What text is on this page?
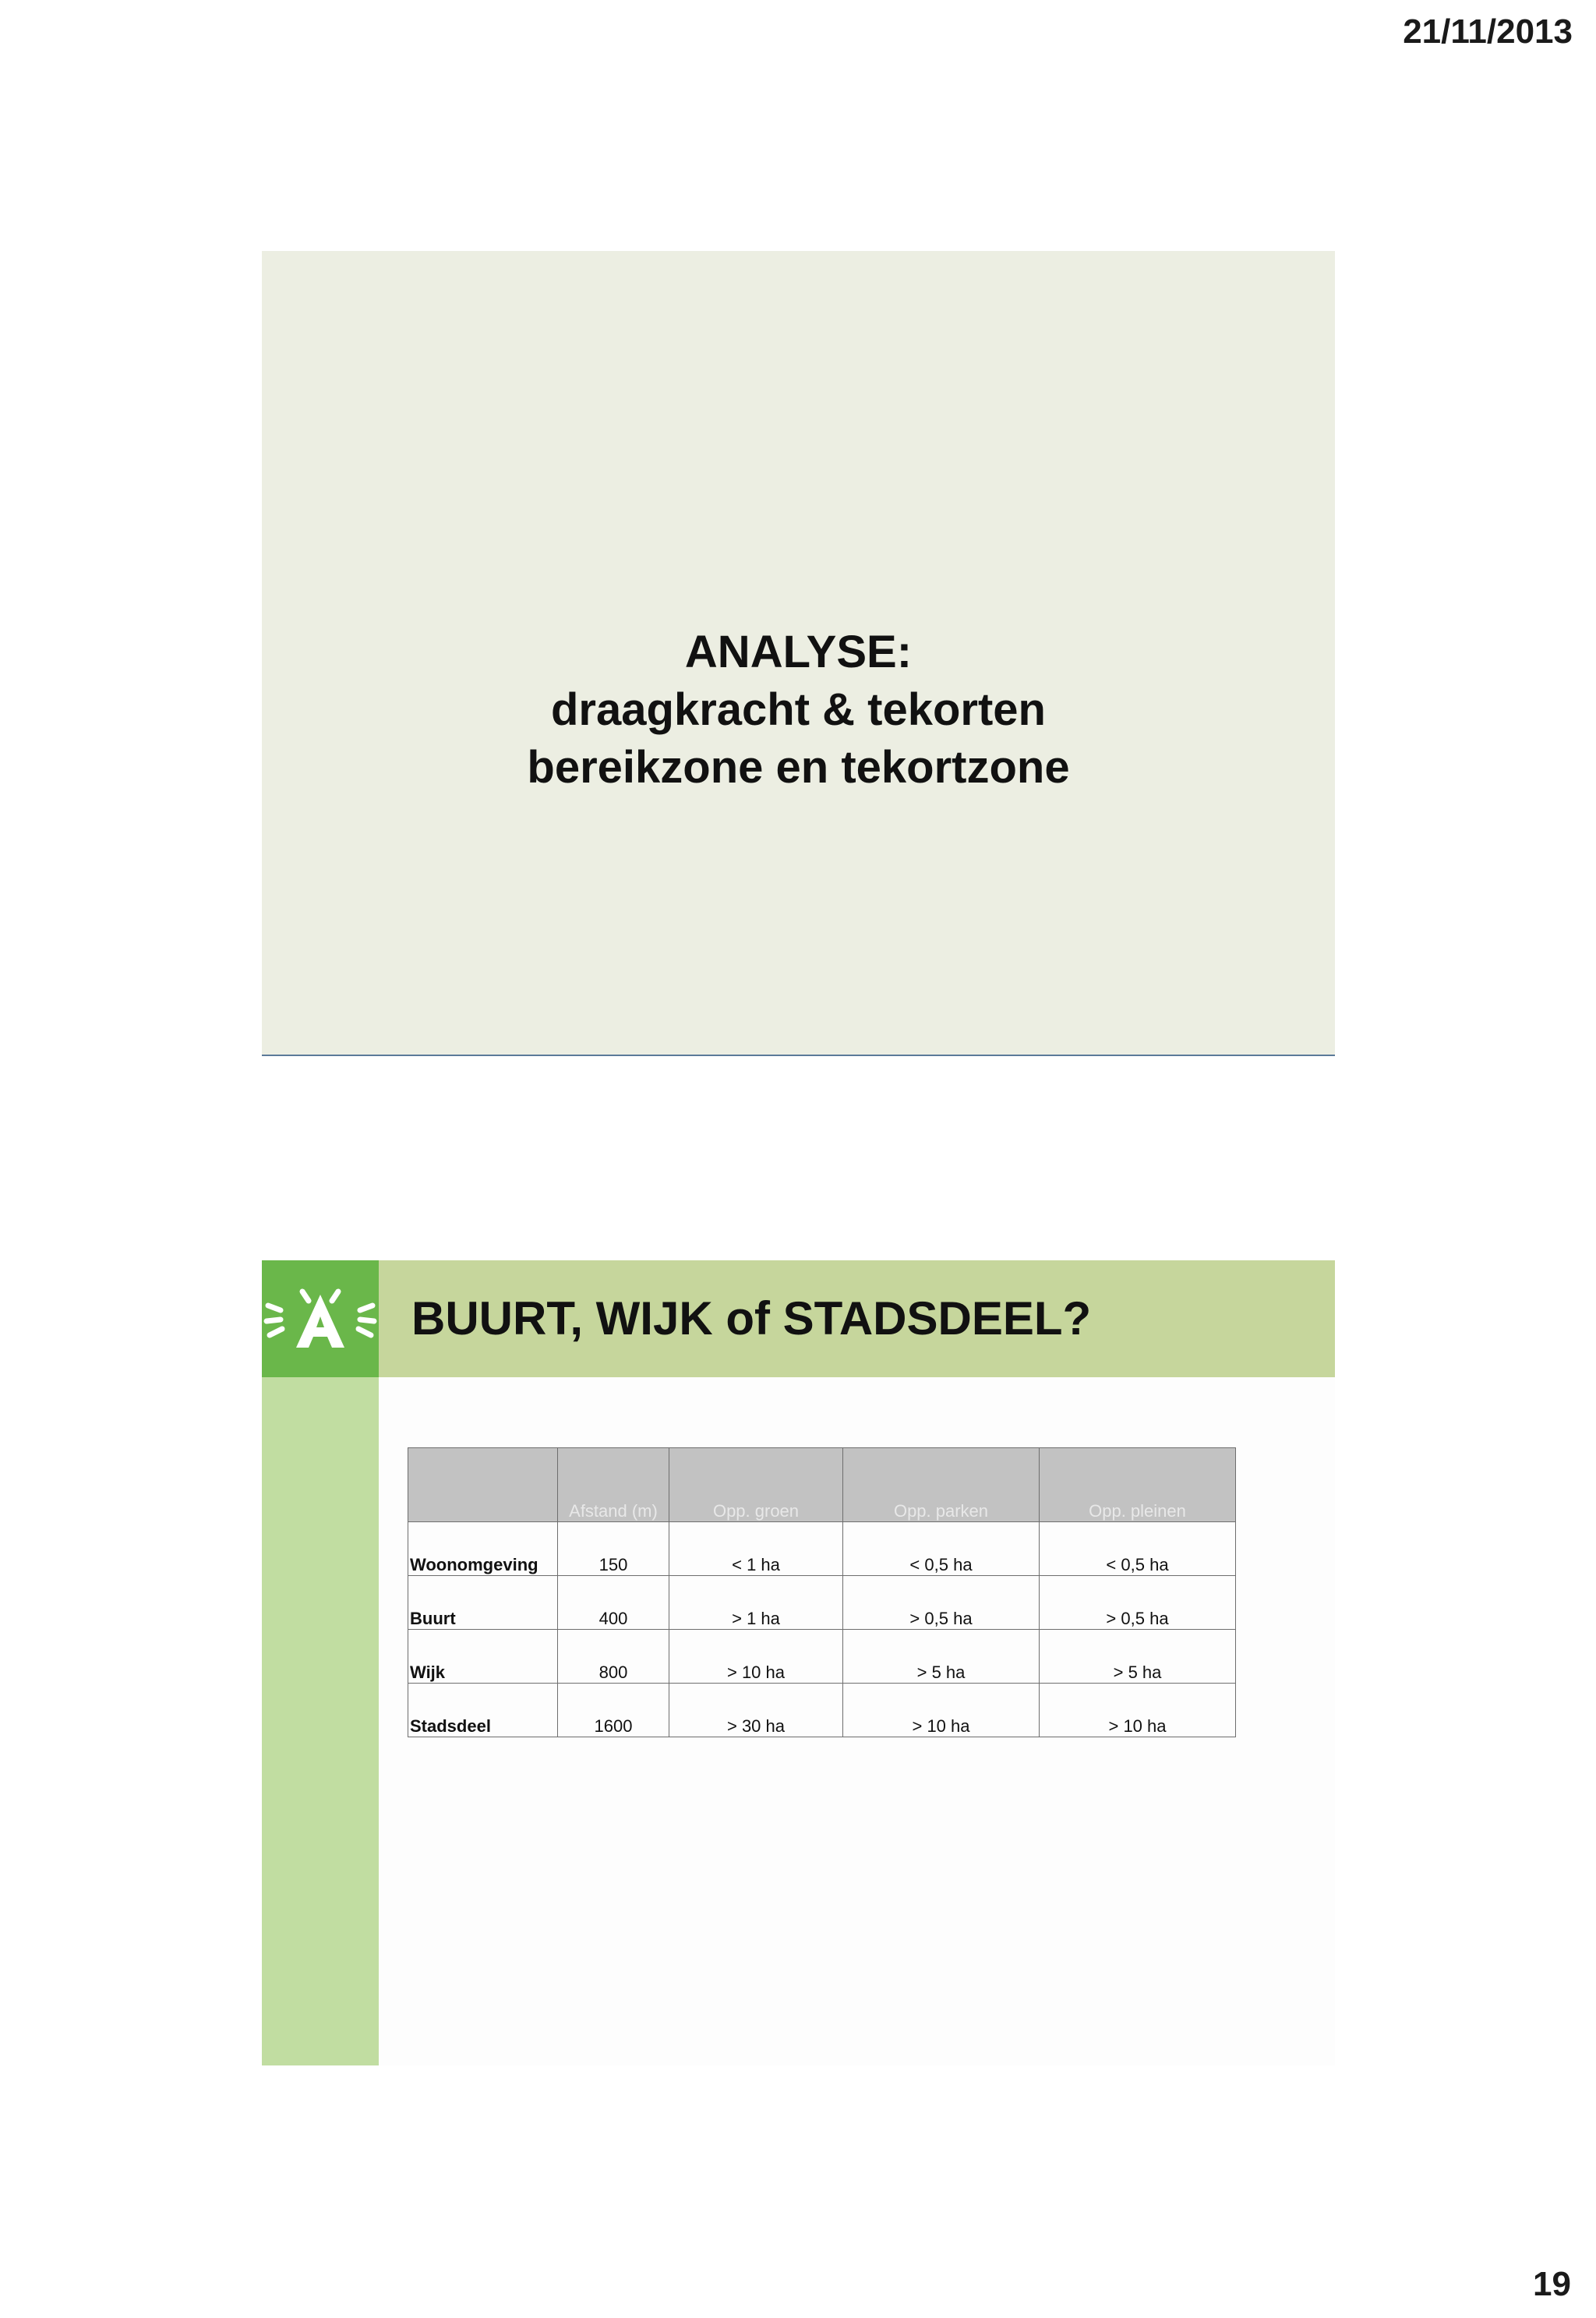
21/11/2013
ANALYSE:
draagkracht & tekorten
bereikzone en tekortzone
BUURT, WIJK of STADSDEEL?
	Afstand (m)	Opp. groen	Opp. parken	Opp. pleinen
Woonomgeving	150	< 1 ha	< 0,5 ha	< 0,5 ha
Buurt	400	> 1 ha	> 0,5 ha	> 0,5 ha
Wijk	800	> 10 ha	> 5 ha	> 5 ha
Stadsdeel	1600	> 30 ha	> 10 ha	> 10 ha
19
